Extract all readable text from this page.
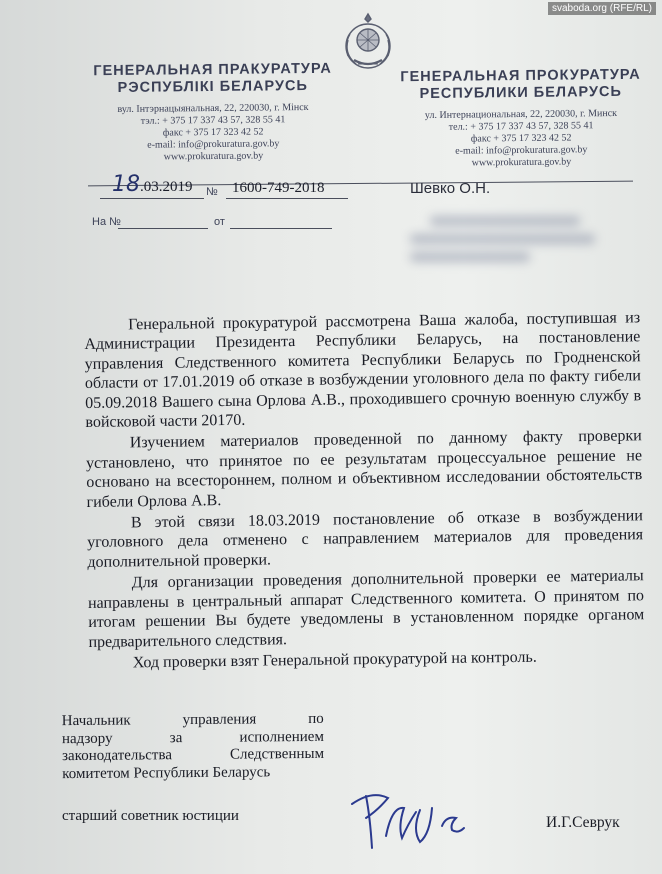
svaboda.org (RFE/RL)
ГЕНЕРАЛЬНАЯ ПРАКУРАТУРА
РЭСПУБЛІКІ БЕЛАРУСЬ
вул. Інтэрнацыянальная, 22, 220030, г. Мінск
тэл.: + 375 17 337 43 57, 328 55 41
факс + 375 17 323 42 52
e-mail: info@prokuratura.gov.by
www.prokuratura.gov.by
ГЕНЕРАЛЬНАЯ ПРОКУРАТУРА
РЕСПУБЛИКИ БЕЛАРУСЬ
ул. Интернациональная, 22, 220030, г. Минск
тел.: + 375 17 337 43 57, 328 55 41
факс + 375 17 323 42 52
e-mail: info@prokuratura.gov.by
www.prokuratura.gov.by
18.03.2019 № 1600-749-2018
На №	от
Шевко О.Н.

Генеральной прокуратурой рассмотрена Ваша жалоба, поступившая из Администрации Президента Республики Беларусь, на постановление управления Следственного комитета Республики Беларусь по Гродненской области от 17.01.2019 об отказе в возбуждении уголовного дела по факту гибели 05.09.2018 Вашего сына Орлова А.В., проходившего срочную военную службу в войсковой части 20170.

Изучением материалов проведенной по данному факту проверки установлено, что принятое по ее результатам процессуальное решение не основано на всестороннем, полном и объективном исследовании обстоятельств гибели Орлова А.В.

В этой связи 18.03.2019 постановление об отказе в возбуждении уголовного дела отменено с направлением материалов для проведения дополнительной проверки.

Для организации проведения дополнительной проверки ее материалы направлены в центральный аппарат Следственного комитета. О принятом по итогам решении Вы будете уведомлены в установленном порядке органом предварительного следствия.

Ход проверки взят Генеральной прокуратурой на контроль.

Начальник управления по
надзору за исполнением
законодательства Следственным
комитетом Республики Беларусь
старший советник юстиции	И.Г.Севрук
